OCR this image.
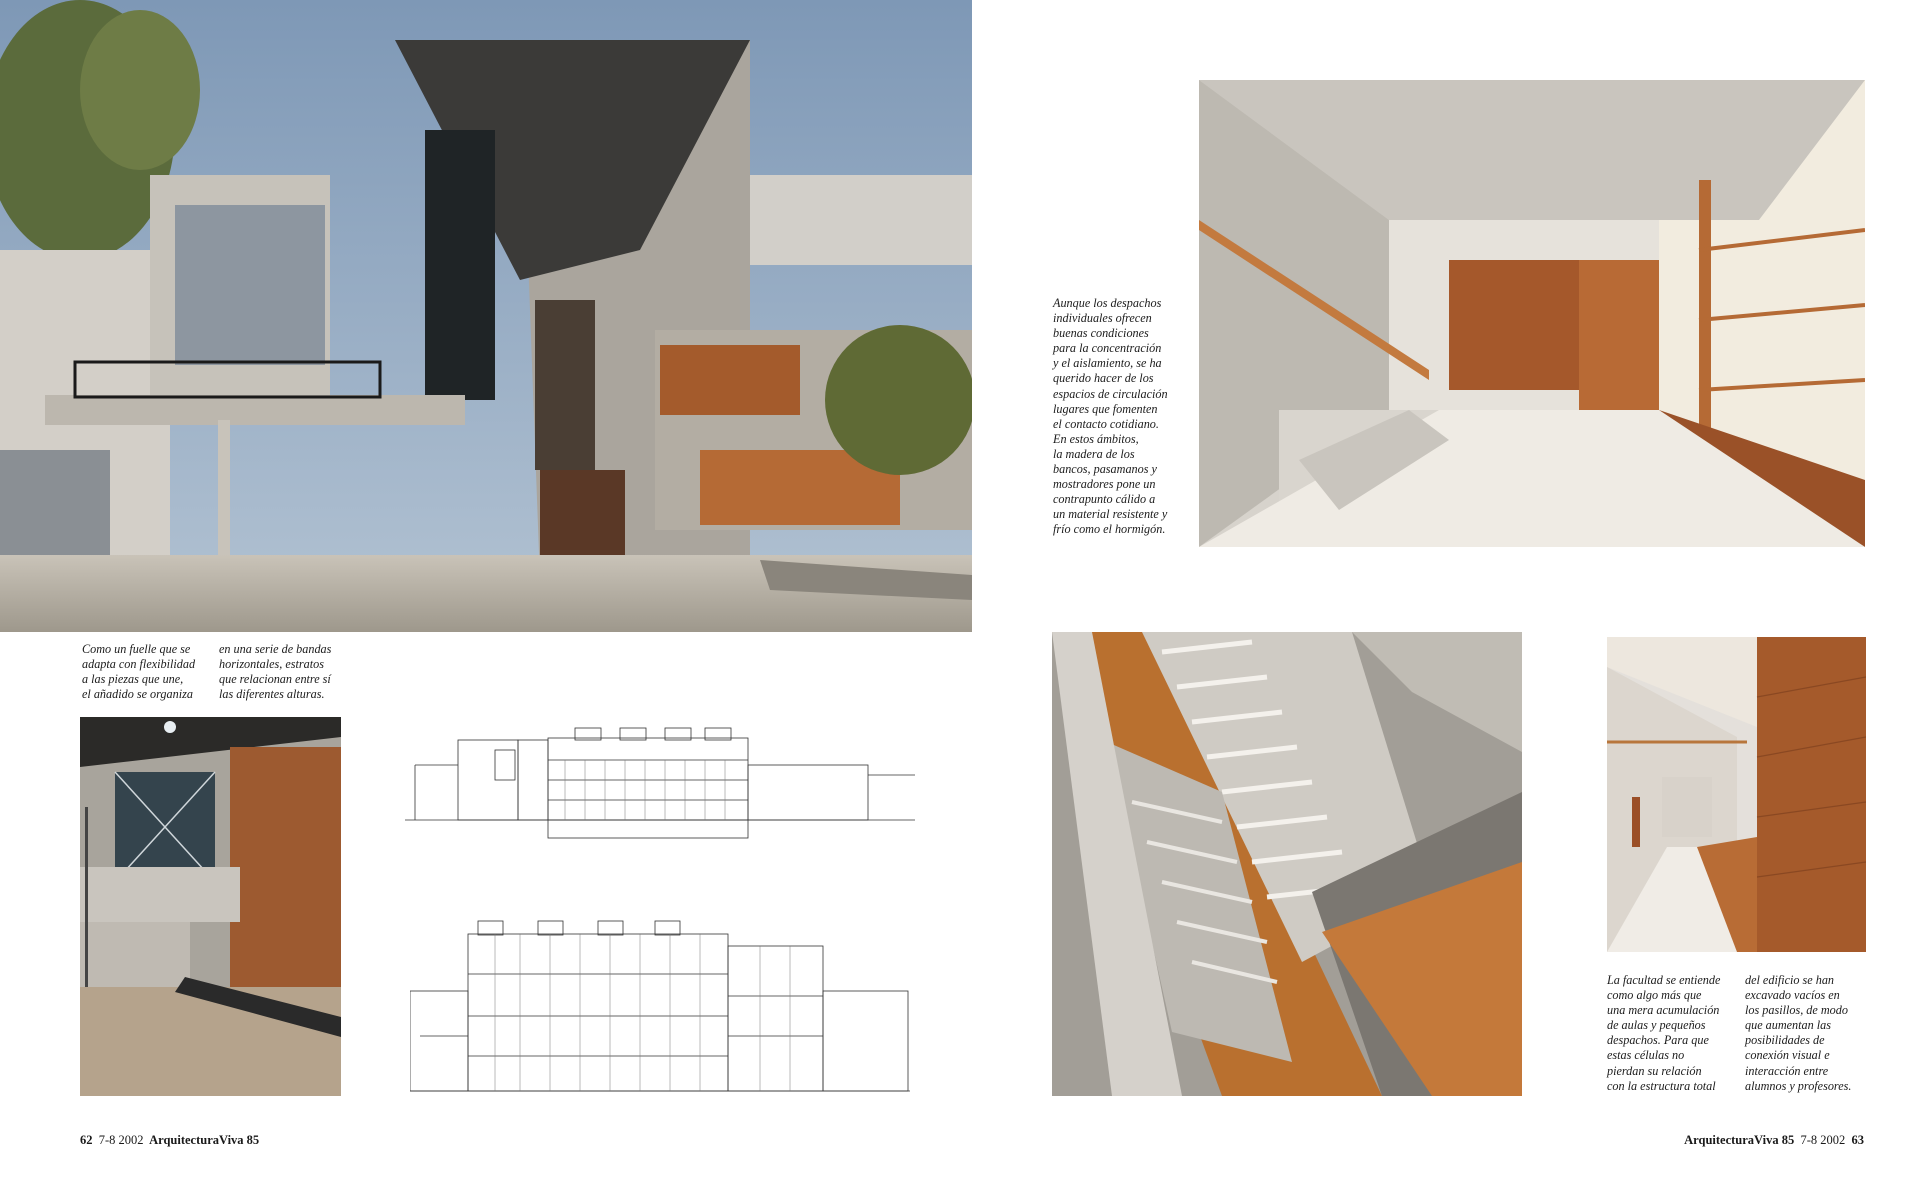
Como un fuelle que se
adapta con flexibilidad
a las piezas que une,
el añadido se organiza
en una serie de bandas
horizontales, estratos
que relacionan entre sí
las diferentes alturas.
62 7-8 2002 ArquitecturaViva 85
Aunque los despachos
individuales ofrecen
buenas condiciones
para la concentración
y el aislamiento, se ha
querido hacer de los
espacios de circulación
lugares que fomenten
el contacto cotidiano.
En estos ámbitos,
la madera de los
bancos, pasamanos y
mostradores pone un
contrapunto cálido a
un material resistente y
frío como el hormigón.
La facultad se entiende
como algo más que
una mera acumulación
de aulas y pequeños
despachos. Para que
estas células no
pierdan su relación
con la estructura total
del edificio se han
excavado vacíos en
los pasillos, de modo
que aumentan las
posibilidades de
conexión visual e
interacción entre
alumnos y profesores.
ArquitecturaViva 85 7-8 2002 63
